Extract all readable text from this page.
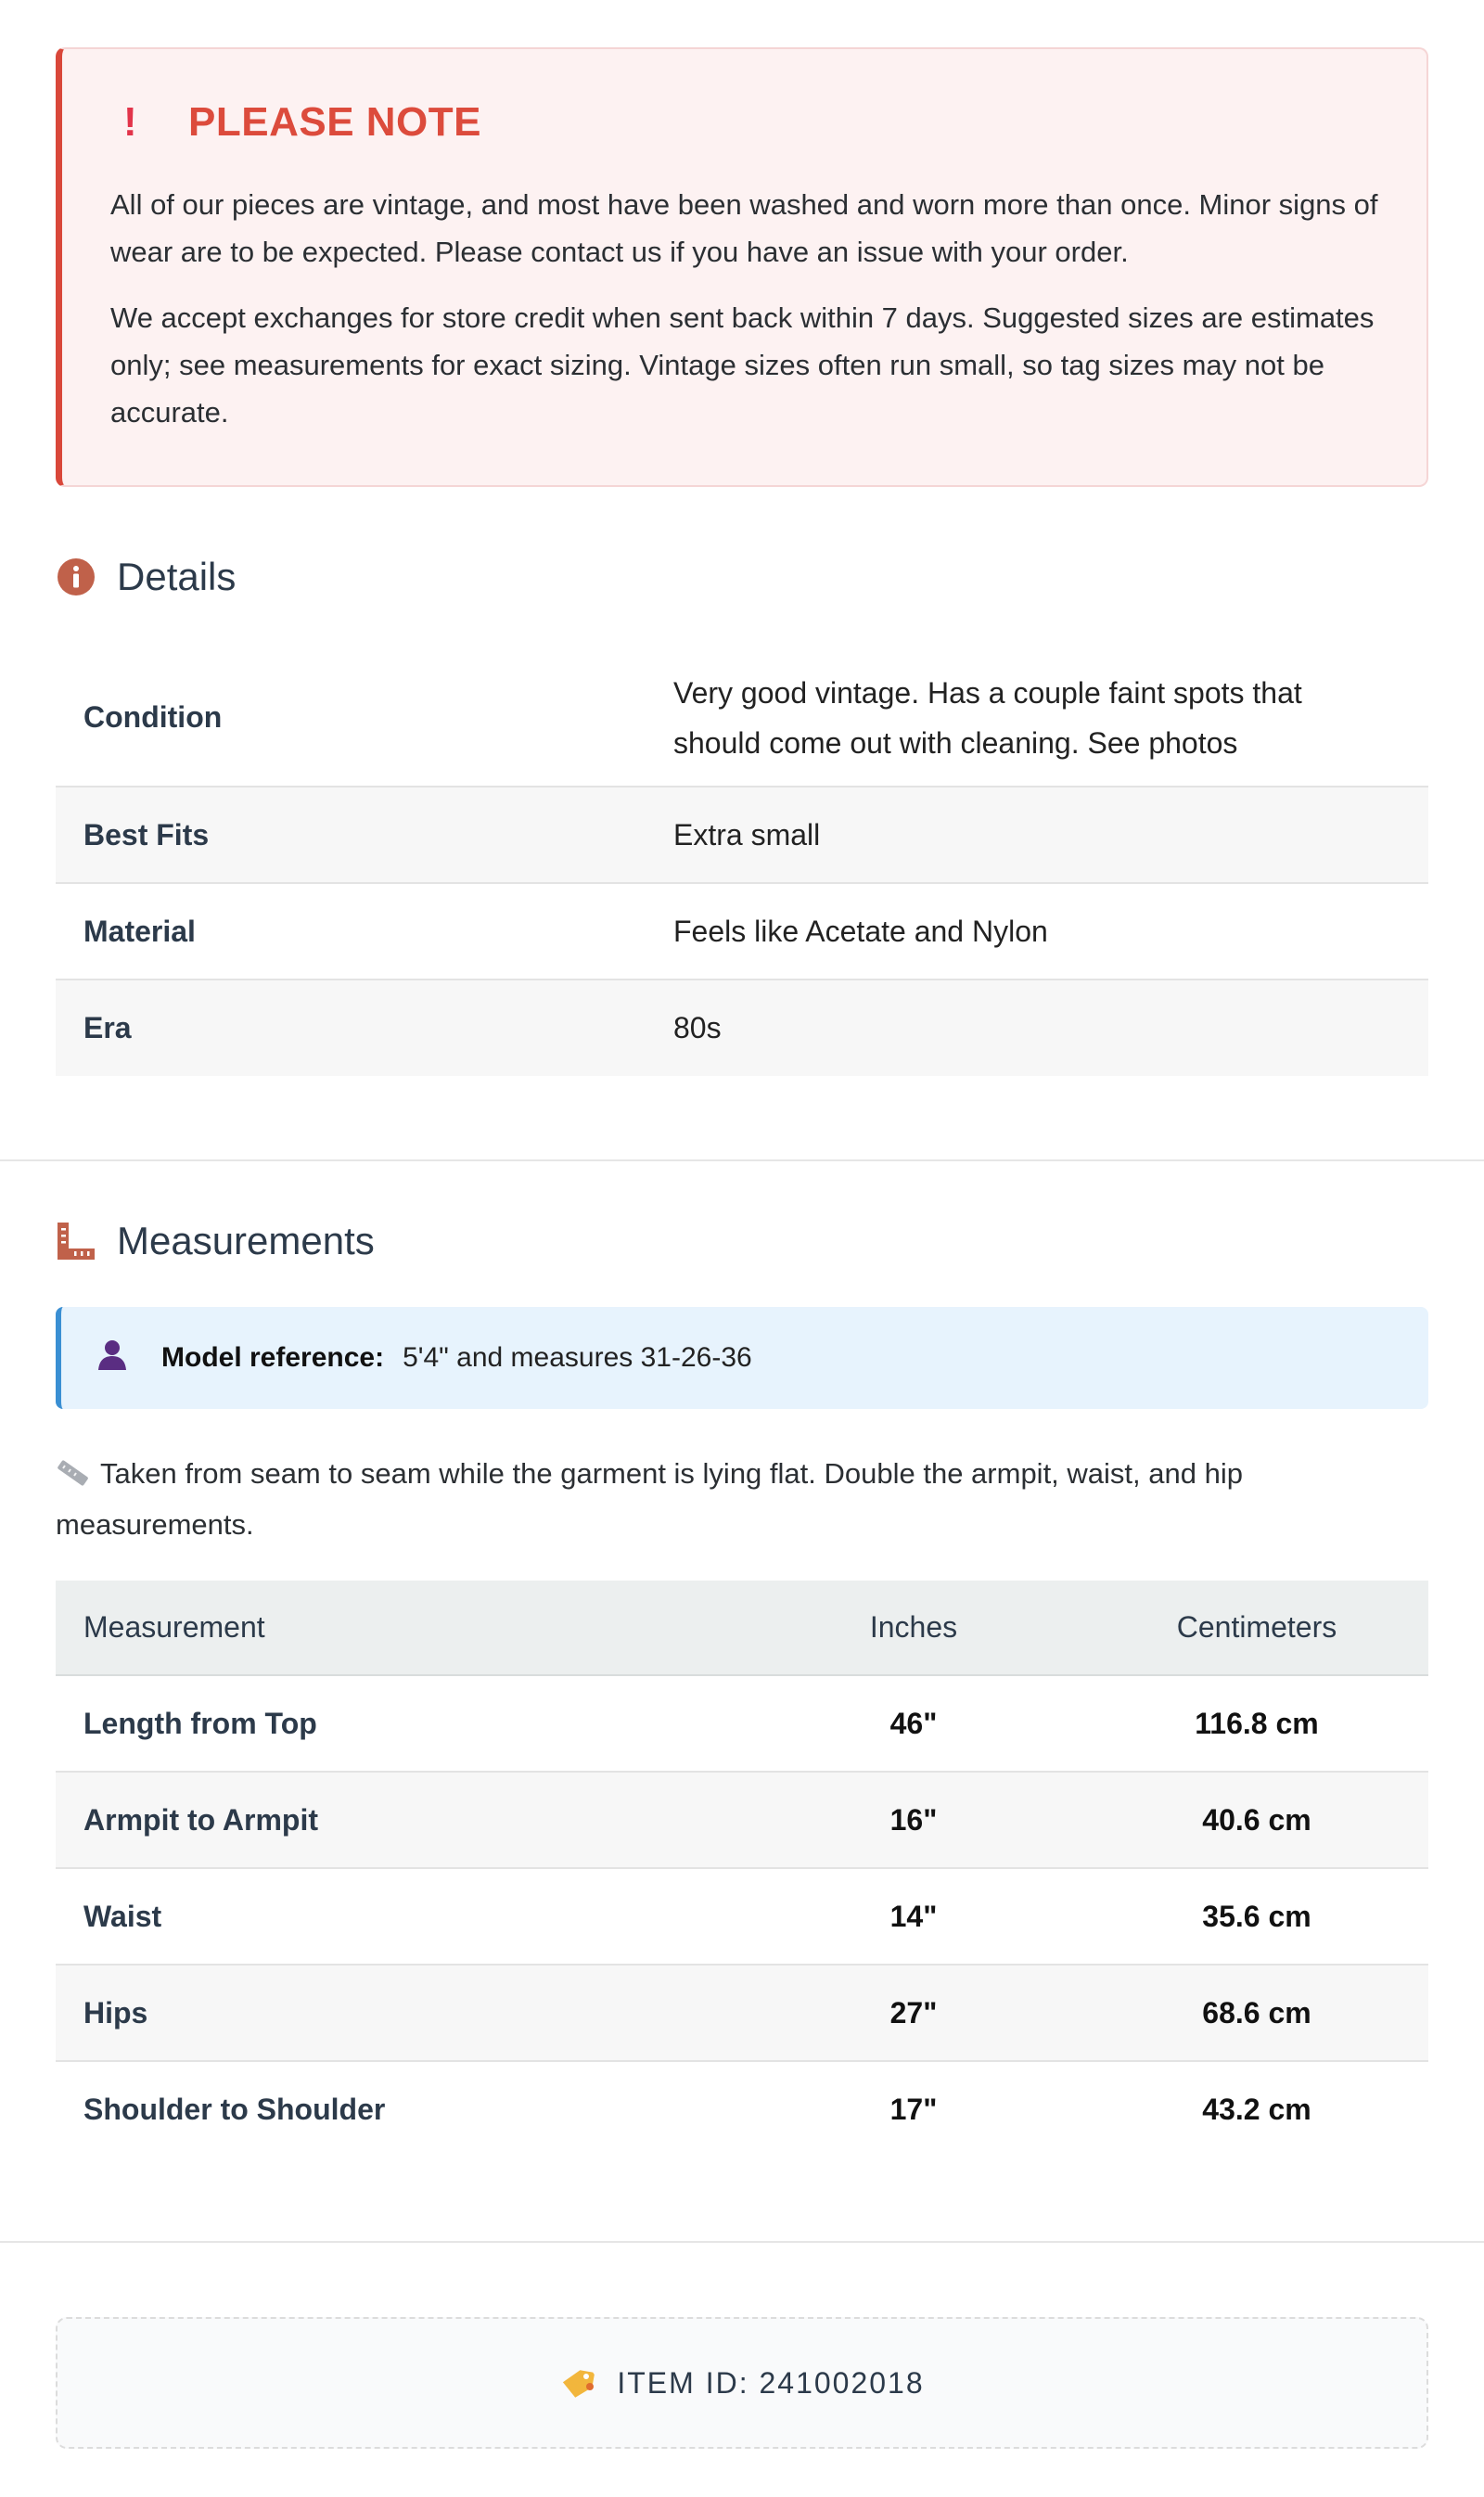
!	PLEASE NOTE

All of our pieces are vintage, and most have been washed and worn more than once. Minor signs of wear are to be expected. Please contact us if you have an issue with your order.

We accept exchanges for store credit when sent back within 7 days. Suggested sizes are estimates only; see measurements for exact sizing. Vintage sizes often run small, so tag sizes may not be accurate.

Details
Condition	Very good vintage. Has a couple faint spots that should come out with cleaning. See photos
Best Fits	Extra small
Material	Feels like Acetate and Nylon
Era	80s
Measurements
Model reference: 5'4" and measures 31-26-36
Taken from seam to seam while the garment is lying flat. Double the armpit, waist, and hip measurements.
Measurement	Inches	Centimeters
Length from Top	46"	116.8 cm
Armpit to Armpit	16"	40.6 cm
Waist	14"	35.6 cm
Hips	27"	68.6 cm
Shoulder to Shoulder	17"	43.2 cm
ITEM ID: 241002018
